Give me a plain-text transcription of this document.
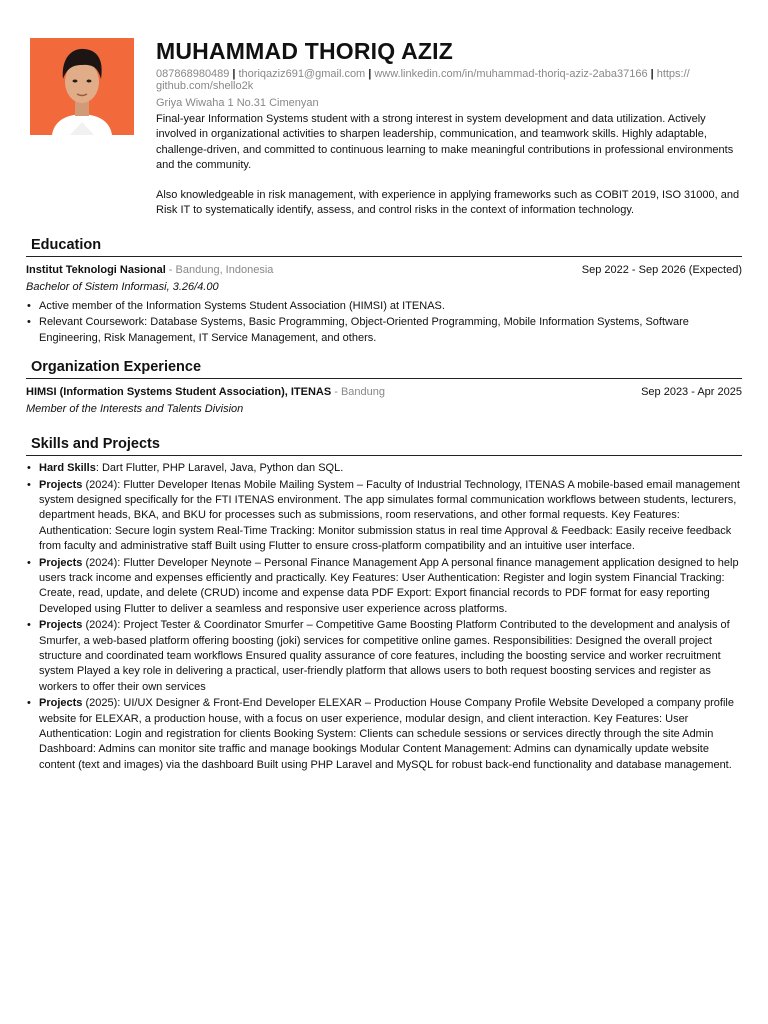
MUHAMMAD THORIQ AZIZ
087868980489 | thoriqaziz691@gmail.com | www.linkedin.com/in/muhammad-thoriq-aziz-2aba37166 | https:// github.com/shello2k
Griya Wiwaha 1 No.31 Cimenyan

Final-year Information Systems student with a strong interest in system development and data utilization. Actively involved in organizational activities to sharpen leadership, communication, and teamwork skills. Highly adaptable, challenge-driven, and committed to continuous learning to make meaningful contributions in professional environments and the community.

Also knowledgeable in risk management, with experience in applying frameworks such as COBIT 2019, ISO 31000, and Risk IT to systematically identify, assess, and control risks in the context of information technology.

Education
Institut Teknologi Nasional - Bandung, Indonesia	Sep 2022 - Sep 2026 (Expected)
Bachelor of Sistem Informasi, 3.26/4.00
• Active member of the Information Systems Student Association (HIMSI) at ITENAS.
• Relevant Coursework: Database Systems, Basic Programming, Object-Oriented Programming, Mobile Information Systems, Software Engineering, Risk Management, IT Service Management, and others.
Organization Experience
HIMSI (Information Systems Student Association), ITENAS - Bandung	Sep 2023 - Apr 2025
Member of the Interests and Talents Division
Skills and Projects
• Hard Skills: Dart Flutter, PHP Laravel, Java, Python dan SQL.
• Projects (2024): Flutter Developer Itenas Mobile Mailing System – Faculty of Industrial Technology, ITENAS A mobile-based email management system designed specifically for the FTI ITENAS environment. The app simulates formal communication workflows between students, lecturers, department heads, BKA, and BKU for processes such as submissions, room reservations, and other formal requests. Key Features: Authentication: Secure login system Real-Time Tracking: Monitor submission status in real time Approval & Feedback: Easily receive feedback from faculty and administrative staff Built using Flutter to ensure cross-platform compatibility and an intuitive user interface.
• Projects (2024): Flutter Developer Neynote – Personal Finance Management App A personal finance management application designed to help users track income and expenses efficiently and practically. Key Features: User Authentication: Register and login system Financial Tracking: Create, read, update, and delete (CRUD) income and expense data PDF Export: Export financial records to PDF format for easy reporting Developed using Flutter to deliver a seamless and responsive user experience across platforms.
• Projects (2024): Project Tester & Coordinator Smurfer – Competitive Game Boosting Platform Contributed to the development and analysis of Smurfer, a web-based platform offering boosting (joki) services for competitive online games. Responsibilities: Designed the overall project structure and coordinated team workflows Ensured quality assurance of core features, including the boosting service and worker recruitment system Played a key role in delivering a practical, user-friendly platform that allows users to both request boosting services and register as workers to offer their own services
• Projects (2025): UI/UX Designer & Front-End Developer ELEXAR – Production House Company Profile Website Developed a company profile website for ELEXAR, a production house, with a focus on user experience, modular design, and client interaction. Key Features: User Authentication: Login and registration for clients Booking System: Clients can schedule sessions or services directly through the site Admin Dashboard: Admins can monitor site traffic and manage bookings Modular Content Management: Admins can dynamically update website content (text and images) via the dashboard Built using PHP Laravel and MySQL for robust back-end functionality and database management.
